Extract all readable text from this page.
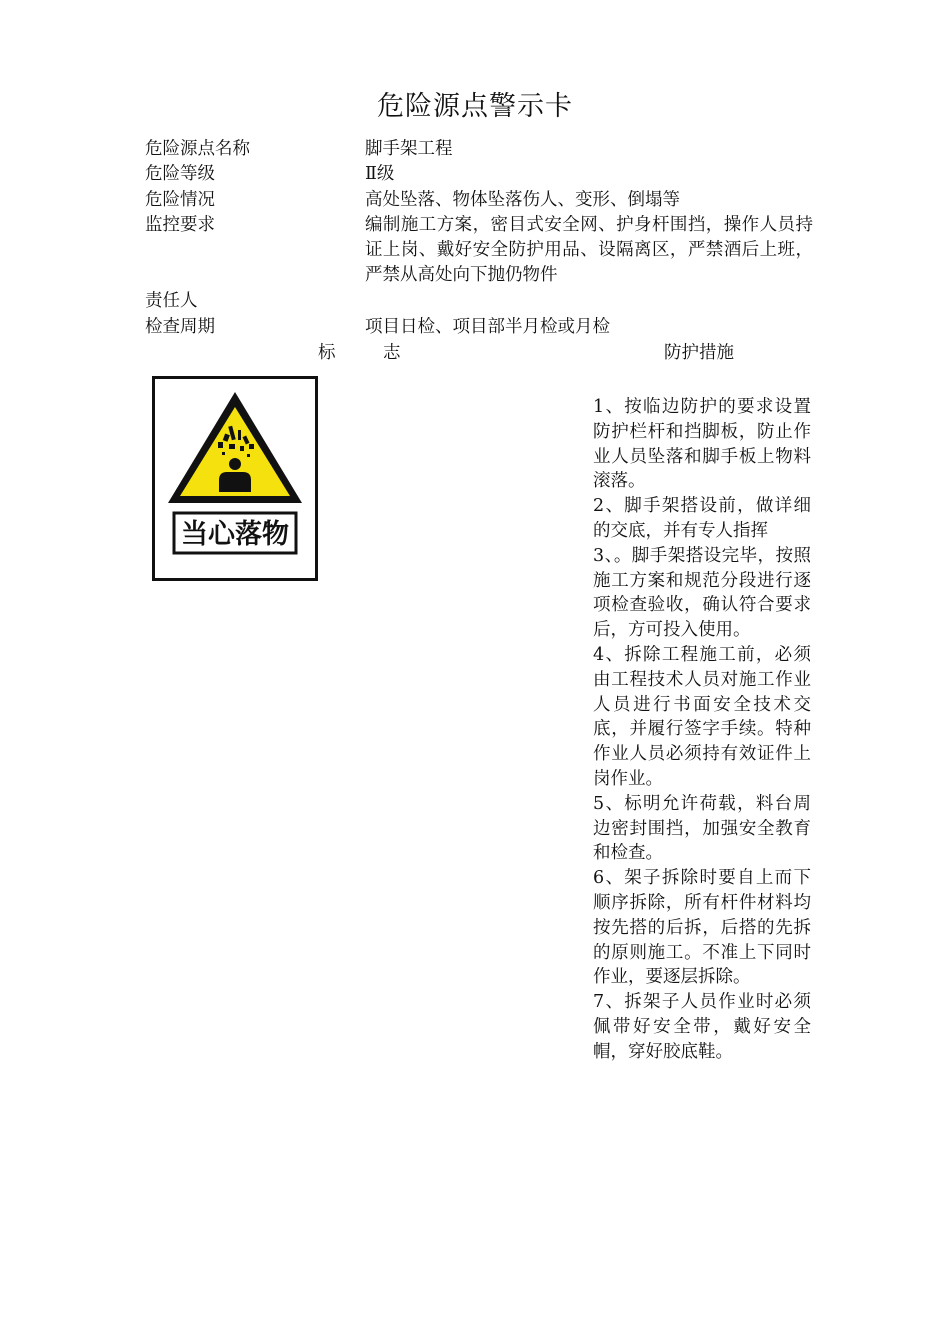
危险源点警示卡
危险源点名称	脚手架工程
危险等级	Ⅱ级
危险情况	高处坠落、物体坠落伤人、变形、倒塌等
监控要求	编制施工方案，密目式安全网、护身杆围挡，操作人员持证上岗、戴好安全防护用品、设隔离区，严禁酒后上班，严禁从高处向下抛仍物件
责任人
检查周期	项目日检、项目部半月检或月检
标	志	防护措施
当心落物

1、按临边防护的要求设置防护栏杆和挡脚板，防止作业人员坠落和脚手板上物料滚落。

2、脚手架搭设前，做详细的交底，并有专人指挥

3、。脚手架搭设完毕，按照施工方案和规范分段进行逐项检查验收，确认符合要求后，方可投入使用。

4、拆除工程施工前，必须由工程技术人员对施工作业人员进行书面安全技术交底，并履行签字手续。特种作业人员必须持有效证件上岗作业。

5、标明允许荷载，料台周边密封围挡，加强安全教育和检查。

6、架子拆除时要自上而下顺序拆除，所有杆件材料均按先搭的后拆，后搭的先拆的原则施工。不准上下同时作业，要逐层拆除。

7、拆架子人员作业时必须佩带好安全带，戴好安全帽，穿好胶底鞋。
